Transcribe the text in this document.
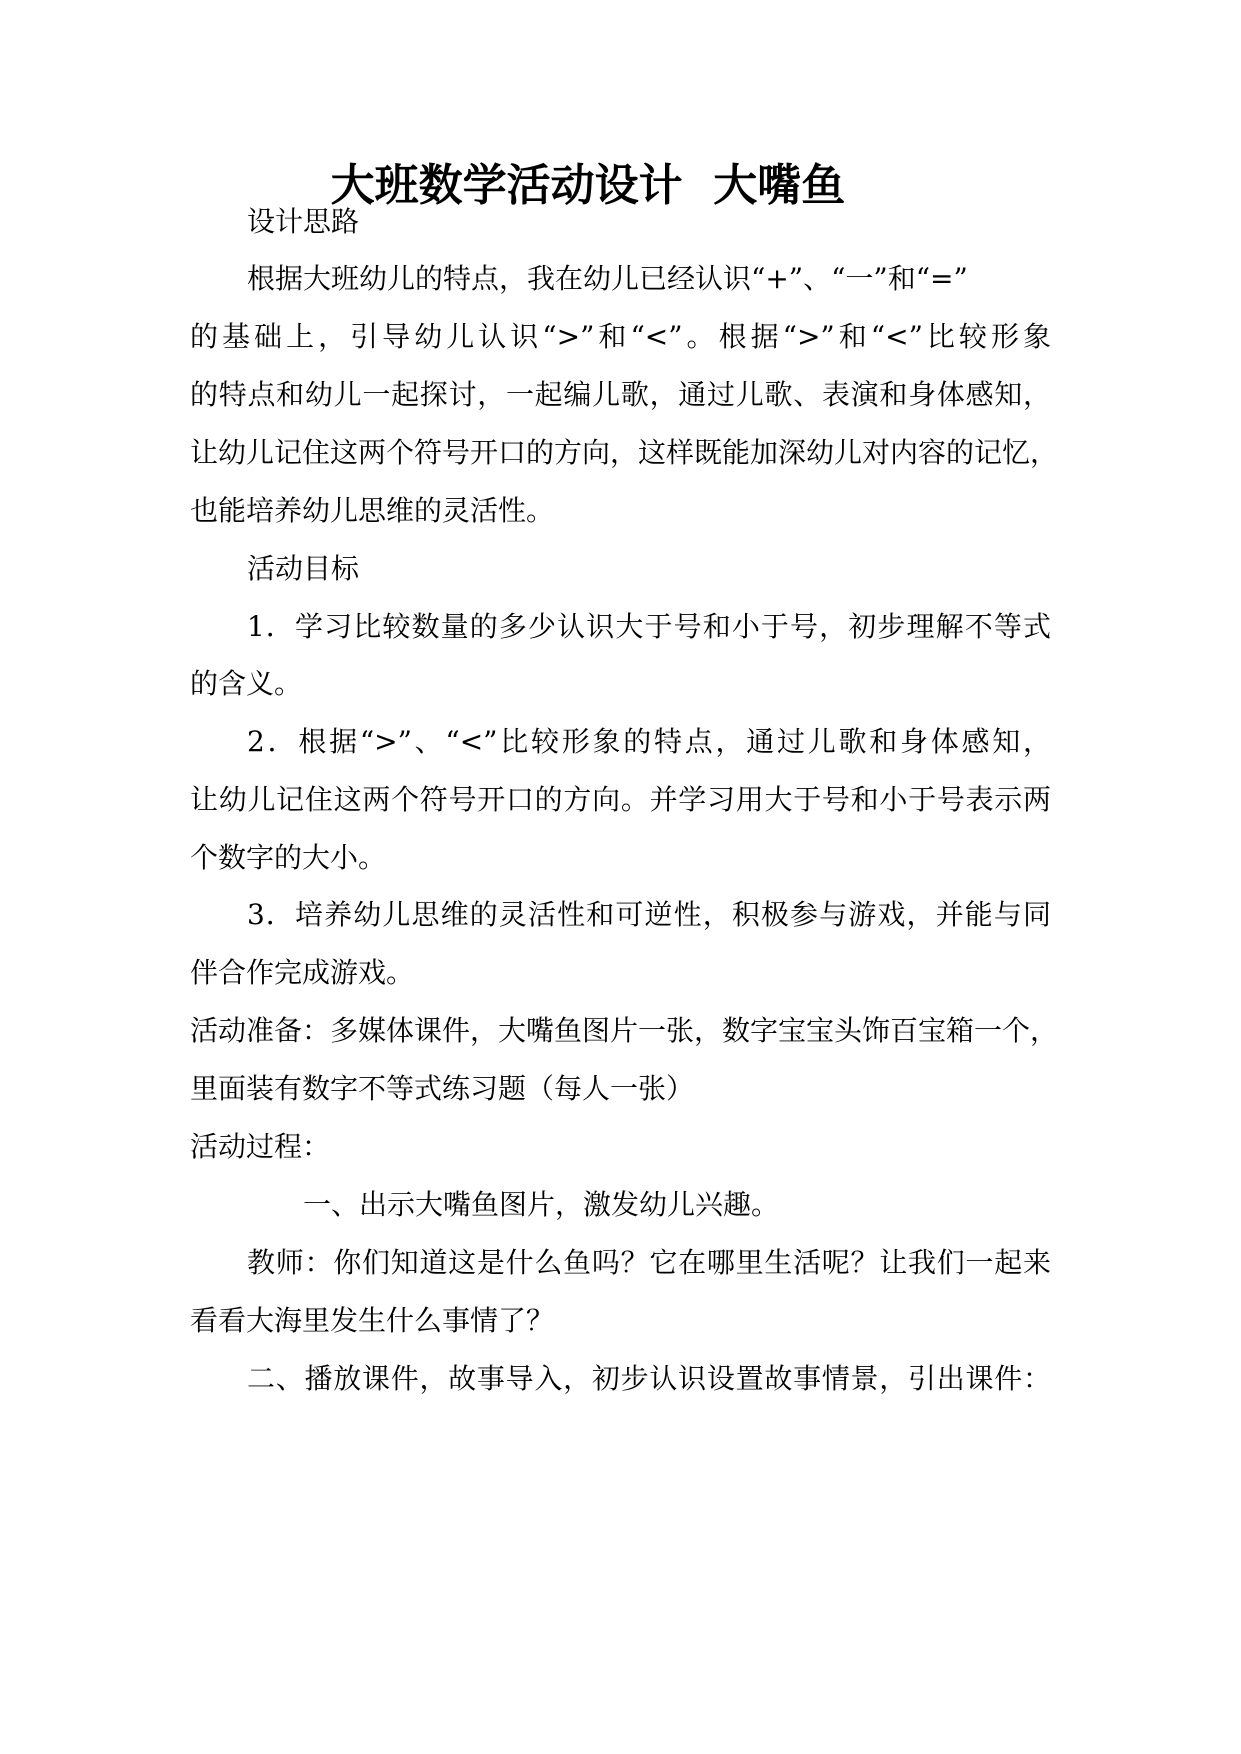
大班数学活动设计  大嘴鱼
设计思路
根据大班幼儿的特点，我在幼儿已经认识“+”、“一”和“=”
的基础上，引导幼儿认识“>”和“<”。根据“>”和“<”比较形象
的特点和幼儿一起探讨，一起编儿歌，通过儿歌、表演和身体感知，
让幼儿记住这两个符号开口的方向，这样既能加深幼儿对内容的记忆，
也能培养幼儿思维的灵活性。
活动目标
1．学习比较数量的多少认识大于号和小于号，初步理解不等式
的含义。
2．根据“>”、“<”比较形象的特点，通过儿歌和身体感知，
让幼儿记住这两个符号开口的方向。并学习用大于号和小于号表示两
个数字的大小。
3．培养幼儿思维的灵活性和可逆性，积极参与游戏，并能与同
伴合作完成游戏。
活动准备：多媒体课件，大嘴鱼图片一张，数字宝宝头饰百宝箱一个，
里面装有数字不等式练习题（每人一张）
活动过程：
一、出示大嘴鱼图片，激发幼儿兴趣。
教师：你们知道这是什么鱼吗？它在哪里生活呢？让我们一起来
看看大海里发生什么事情了？
二、播放课件，故事导入，初步认识设置故事情景，引出课件：
